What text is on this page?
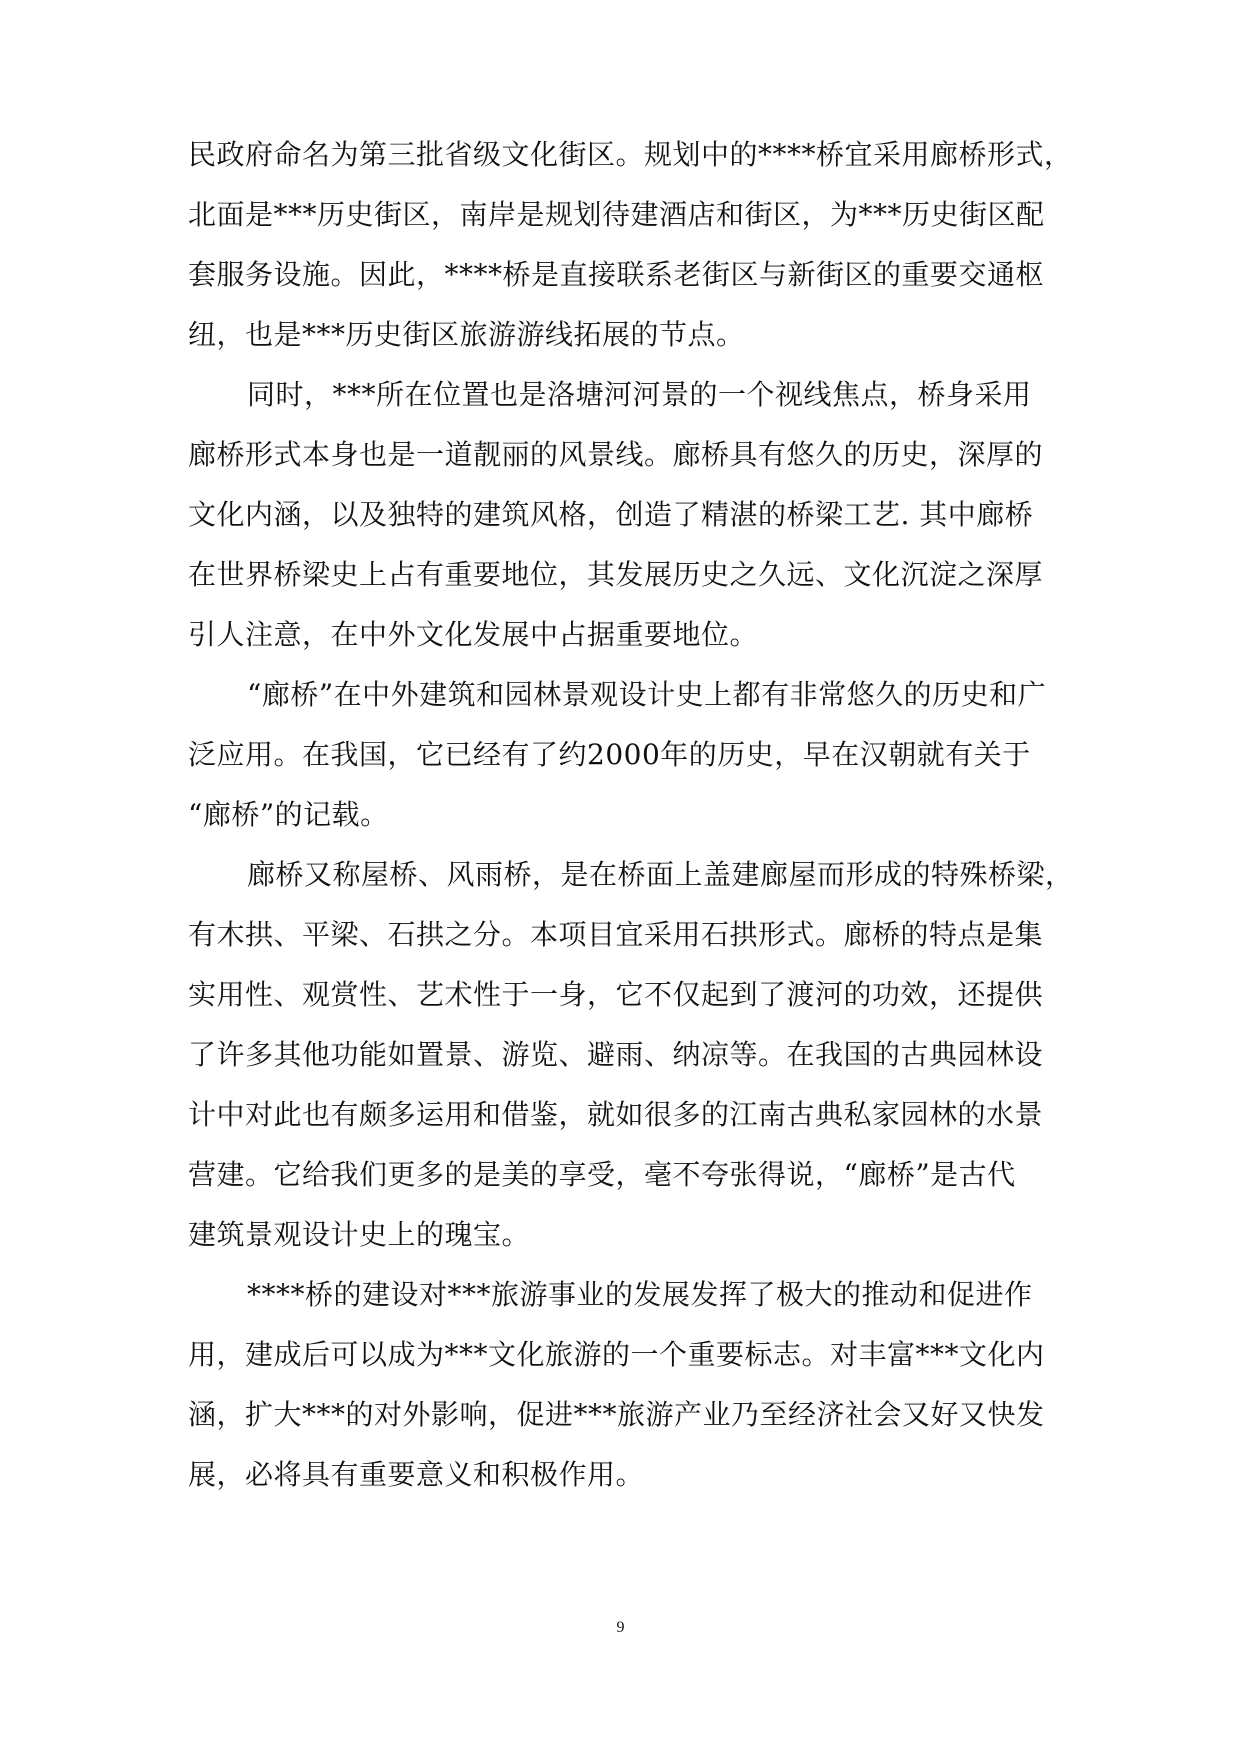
民政府命名为第三批省级文化街区。规划中的****桥宜采用廊桥形式，
北面是***历史街区，南岸是规划待建酒店和街区，为***历史街区配
套服务设施。因此，****桥是直接联系老街区与新街区的重要交通枢
纽，也是***历史街区旅游游线拓展的节点。
同时，***所在位置也是洛塘河河景的一个视线焦点，桥身采用
廊桥形式本身也是一道靓丽的风景线。廊桥具有悠久的历史，深厚的
文化内涵，以及独特的建筑风格，创造了精湛的桥梁工艺. 其中廊桥
在世界桥梁史上占有重要地位，其发展历史之久远、文化沉淀之深厚
引人注意，在中外文化发展中占据重要地位。
“廊桥”在中外建筑和园林景观设计史上都有非常悠久的历史和广
泛应用。在我国，它已经有了约2000年的历史，早在汉朝就有关于
“廊桥”的记载。
廊桥又称屋桥、风雨桥，是在桥面上盖建廊屋而形成的特殊桥梁，
有木拱、平梁、石拱之分。本项目宜采用石拱形式。廊桥的特点是集
实用性、观赏性、艺术性于一身，它不仅起到了渡河的功效，还提供
了许多其他功能如置景、游览、避雨、纳凉等。在我国的古典园林设
计中对此也有颇多运用和借鉴，就如很多的江南古典私家园林的水景
营建。它给我们更多的是美的享受，毫不夸张得说，“廊桥”是古代
建筑景观设计史上的瑰宝。
****桥的建设对***旅游事业的发展发挥了极大的推动和促进作
用，建成后可以成为***文化旅游的一个重要标志。对丰富***文化内
涵，扩大***的对外影响，促进***旅游产业乃至经济社会又好又快发
展，必将具有重要意义和积极作用。
9
